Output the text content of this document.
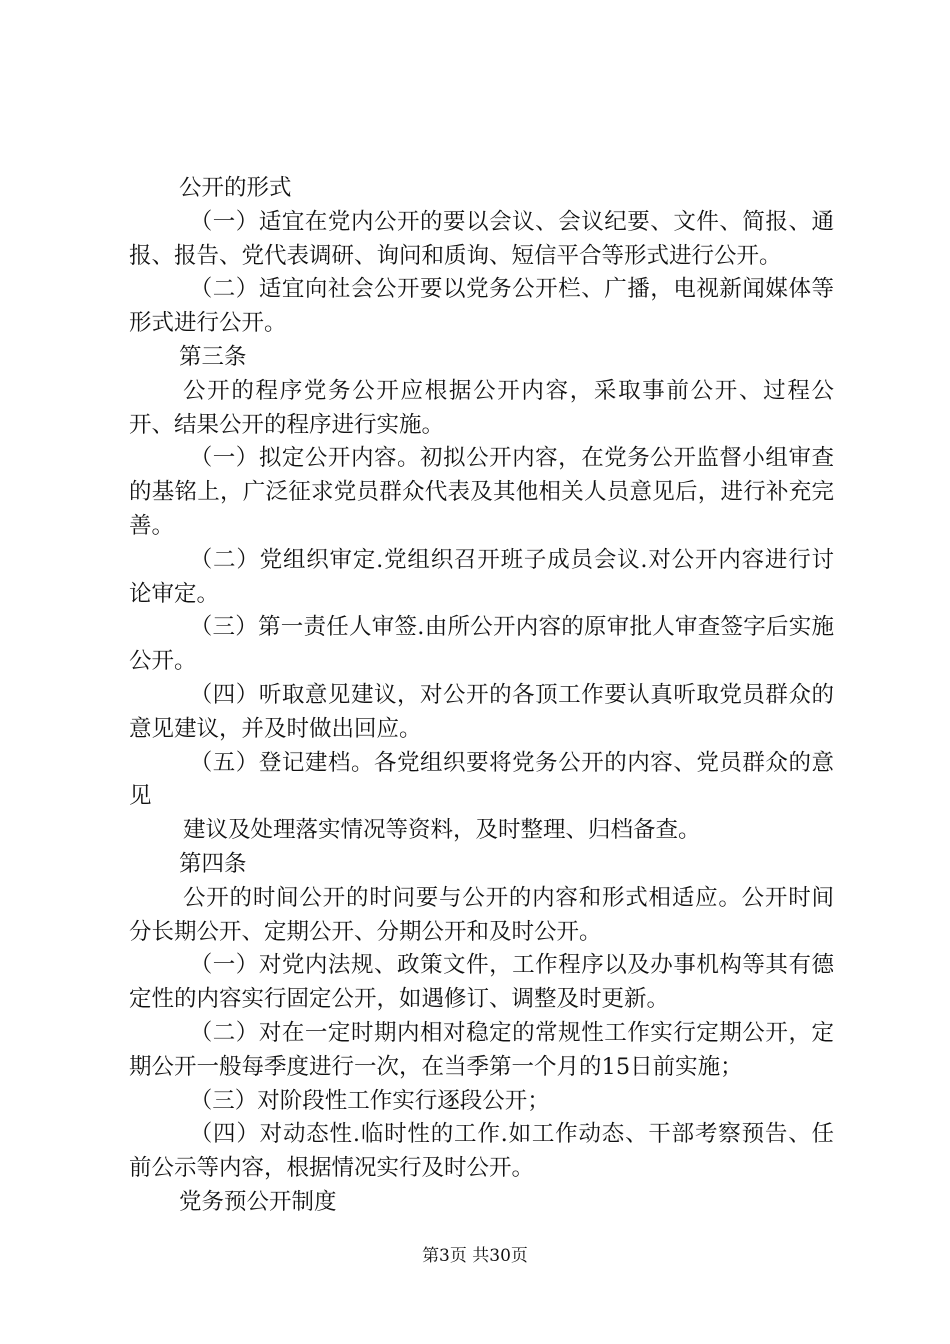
公开的形式

（一）适宜在党内公开的要以会议、会议纪要、文件、简报、通报、报告、党代表调研、询问和质询、短信平合等形式进行公开。

（二）适宜向社会公开要以党务公开栏、广播，电视新闻媒体等形式进行公开。

第三条

公开的程序党务公开应根据公开内容，采取事前公开、过程公开、结果公开的程序进行实施。

（一）拟定公开内容。初拟公开内容，在党务公开监督小组审查的基铭上，广泛征求党员群众代表及其他相关人员意见后，进行补充完善。

（二）党组织审定.党组织召开班子成员会议.对公开内容进行讨论审定。

（三）第一责任人审签.由所公开内容的原审批人审查签字后实施公开。

（四）听取意见建议，对公开的各顶工作要认真听取党员群众的意见建议，并及时做出回应。

（五）登记建档。各党组织要将党务公开的内容、党员群众的意见

建议及处理落实情况等资料，及时整理、归档备查。

第四条

公开的时间公开的时问要与公开的内容和形式相适应。公开时间分长期公开、定期公开、分期公开和及时公开。

（一）对党内法规、政策文件，工作程序以及办事机构等其有德定性的内容实行固定公开，如遇修订、调整及时更新。

（二）对在一定时期内相对稳定的常规性工作实行定期公开，定期公开一般每季度进行一次，在当季第一个月的15日前实施；

（三）对阶段性工作实行逐段公开；

（四）对动态性.临时性的工作.如工作动态、干部考察预告、任前公示等内容，根据情况实行及时公开。

党务预公开制度

第3页 共30页
